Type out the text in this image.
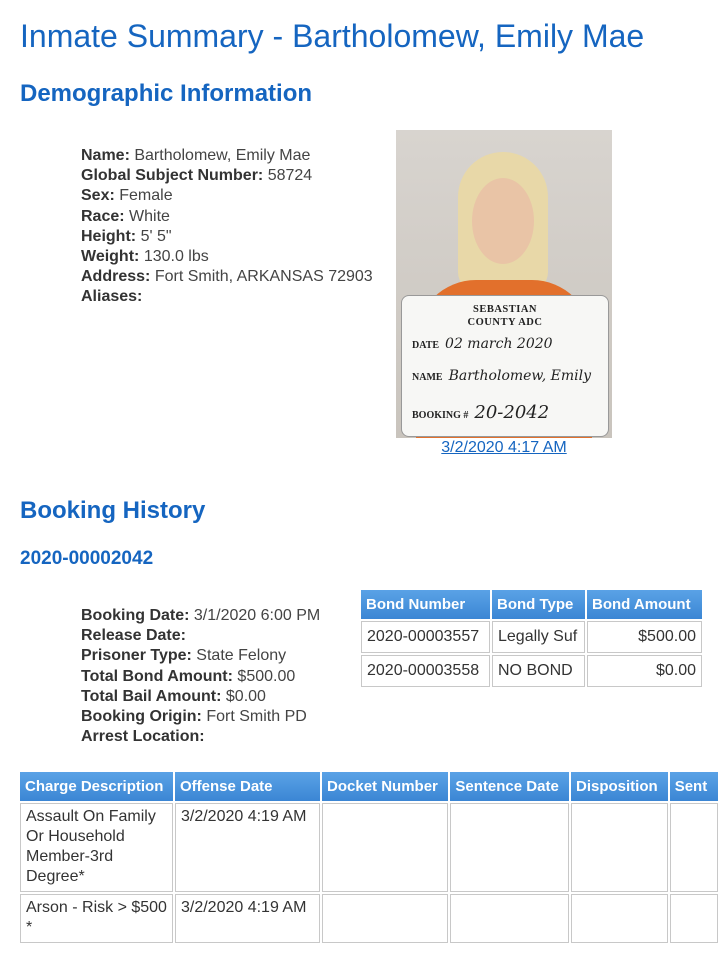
Inmate Summary - Bartholomew, Emily Mae
Demographic Information
Name: Bartholomew, Emily Mae
Global Subject Number: 58724
Sex: Female
Race: White
Height: 5' 5"
Weight: 130.0 lbs
Address: Fort Smith, ARKANSAS 72903
Aliases:
SEBASTIAN
COUNTY ADC
DATE 02 march 2020
NAME Bartholomew, Emily
BOOKING # 20-2042
3/2/2020 4:17 AM
Booking History
2020-00002042
Booking Date: 3/1/2020 6:00 PM
Release Date:
Prisoner Type: State Felony
Total Bond Amount: $500.00
Total Bail Amount: $0.00
Booking Origin: Fort Smith PD
Arrest Location:
Bond Number	Bond Type	Bond Amount
2020-00003557	Legally Suf	$500.00
2020-00003558	NO BOND	$0.00
Charge Description	Offense Date	Docket Number	Sentence Date	Disposition	Sent
Assault On Family Or Household Member-3rd Degree*	3/2/2020 4:19 AM				
Arson - Risk > $500 *	3/2/2020 4:19 AM				
